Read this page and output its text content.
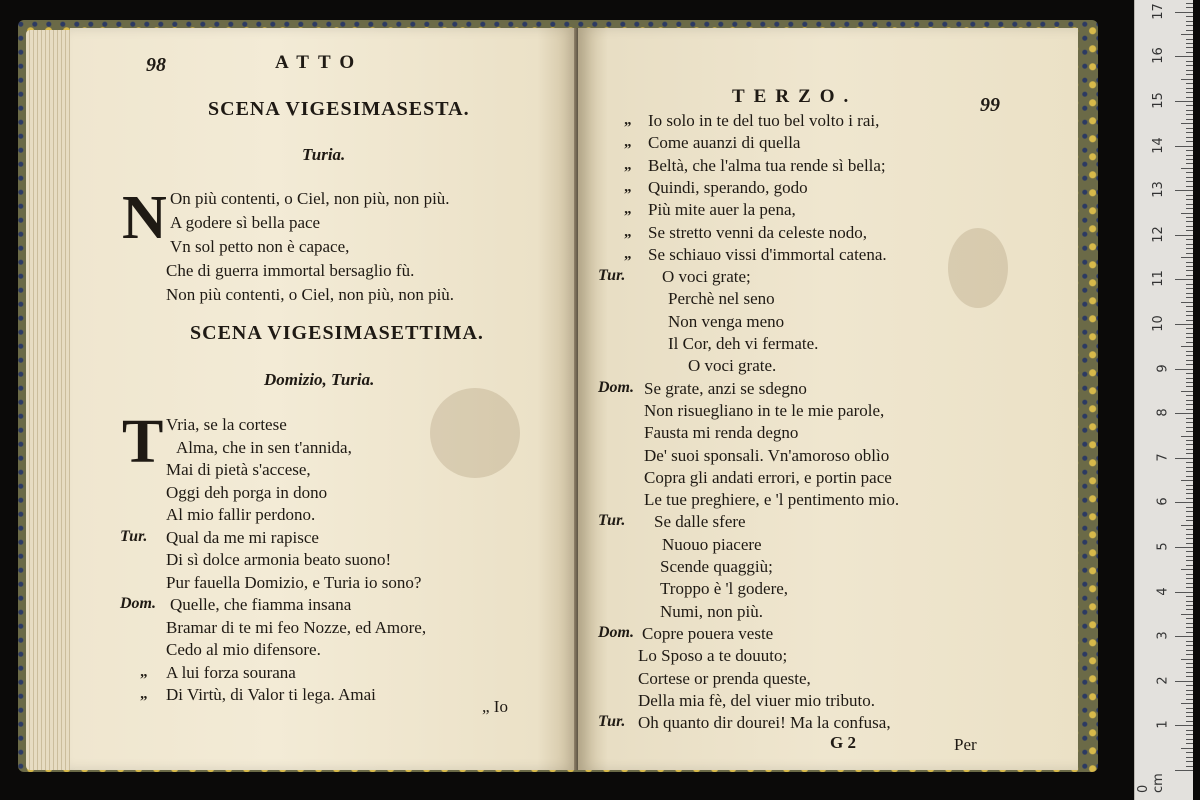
98	ATTO
SCENA VIGESIMASESTA.
Turia.
N On più contenti, o Ciel, non più, non più.
A godere sì bella pace
Vn sol petto non è capace,
Che di guerra immortal bersaglio fù.
Non più contenti, o Ciel, non più, non più.
SCENA VIGESIMASETTIMA.
Domizio, Turia.
T Vria, se la cortese
Alma, che in sen t'annida,
Mai di pietà s'accese,
Oggi deh porga in dono
Al mio fallir perdono.
Tur. Qual da me mi rapisce
Di sì dolce armonia beato suono!
Pur fauella Domizio, e Turia io sono?
Dom. Quelle, che fiamma insana
Bramar di te mi feo Nozze, ed Amore,
Cedo al mio difensore.
„ A lui forza sourana
„ Di Virtù, di Valor ti lega. Amai
„ Io
TERZO.	99
„ Io solo in te del tuo bel volto i rai,
„ Come auanzi di quella
„ Beltà, che l'alma tua rende sì bella;
„ Quindi, sperando, godo
„ Più mite auer la pena,
„ Se stretto venni da celeste nodo,
„ Se schiauo vissi d'immortal catena.
Tur. O voci grate;
Perchè nel seno
Non venga meno
Il Cor, deh vi fermate.
O voci grate.
Dom. Se grate, anzi se sdegno
Non risuegliano in te le mie parole,
Fausta mi renda degno
De' suoi sponsali. Vn'amoroso oblìo
Copra gli andati errori, e portin pace
Le tue preghiere, e 'l pentimento mio.
Tur. Se dalle sfere
Nuouo piacere
Scende quaggiù;
Troppo è 'l godere,
Numi, non più.
Dom. Copre pouera veste
Lo Sposo a te douuto;
Cortese or prenda queste,
Della mia fè, del viuer mio tributo.
Tur. Oh quanto dir dourei! Ma la confusa,
G 2	Per
0 cm
1
2
3
4
5
6
7
8
9
10
11
12
13
14
15
16
17
